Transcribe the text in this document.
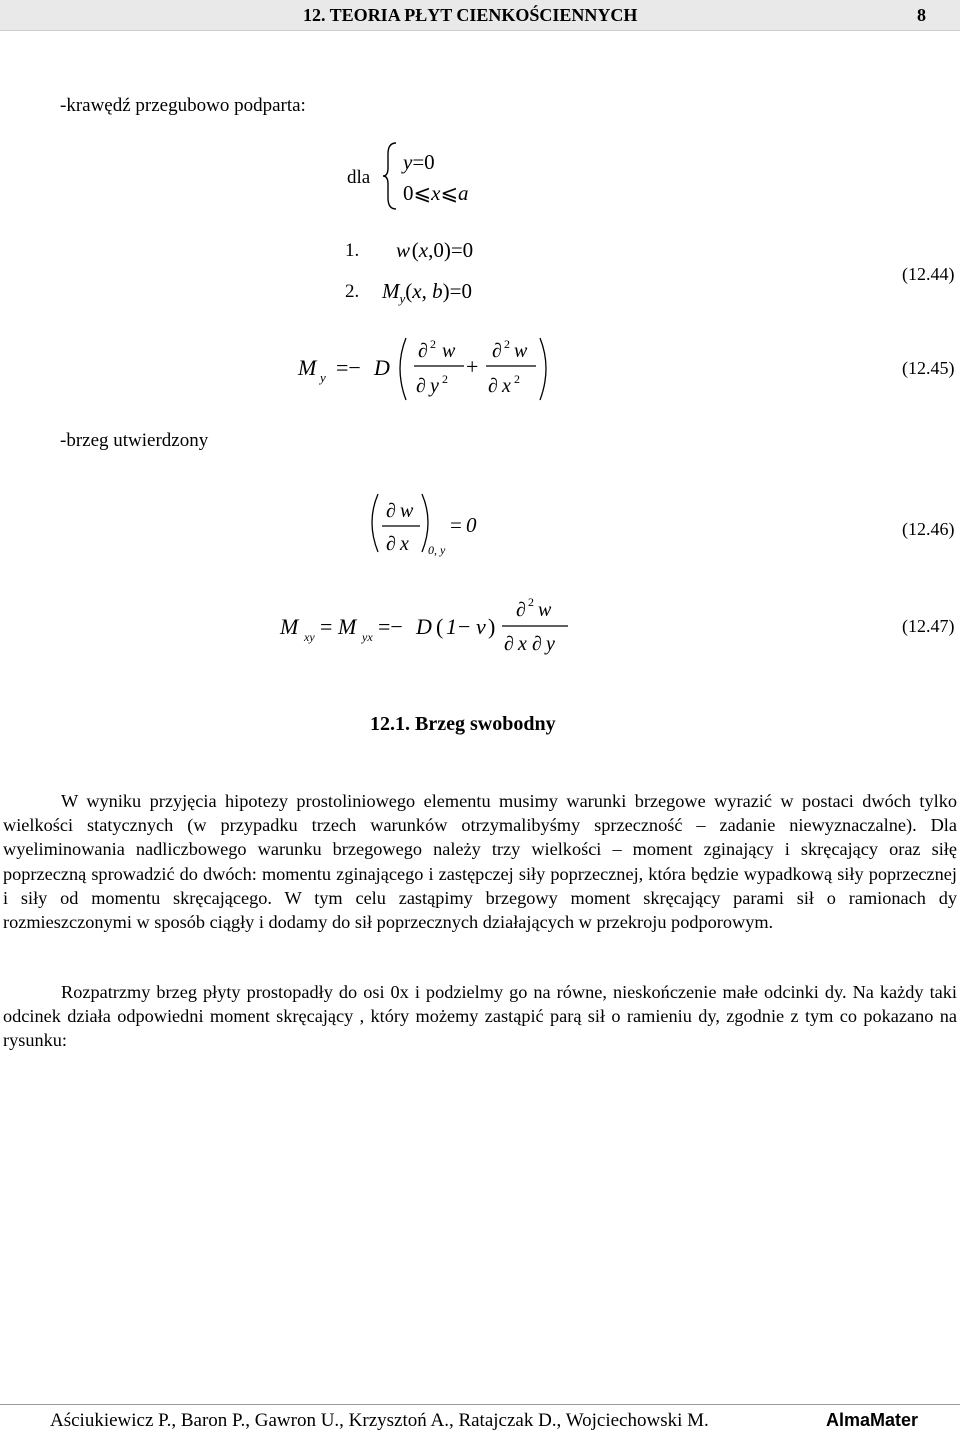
12. TEORIA PŁYT CIENKOŚCIENNYCH	8
-krawędź przegubowo podparta:
dla
y=0
0⩽x⩽a
1. w (x,0)=0
2. $M_y(x$, b)=0
(12.44)
M y =− D
∂ 2 w
∂ y 2 +
∂ 2 w
∂ x 2
(12.45)
-brzeg utwierdzony
∂ w
∂ x 0, y
= 0	(12.46)
M xy = M yx =− D ( 1 − ν )
∂ 2 w
∂ x ∂ y
(12.47)
12.1. Brzeg swobodny
W wyniku przyjęcia hipotezy prostoliniowego elementu musimy warunki brzegowe wyrazić w postaci dwóch tylko wielkości statycznych (w przypadku trzech warunków otrzymalibyśmy sprzeczność – zadanie niewyznaczalne). Dla wyeliminowania nadliczbowego warunku brzegowego należy trzy wielkości – moment zginający i skręcający oraz siłę poprzeczną sprowadzić do dwóch: momentu zginającego i zastępczej siły poprzecznej, która będzie wypadkową siły poprzecznej i siły od momentu skręcającego. W tym celu zastąpimy brzegowy moment skręcający parami sił o ramionach dy rozmieszczonymi w sposób ciągły i dodamy do sił poprzecznych działających w przekroju podporowym.
Rozpatrzmy brzeg płyty prostopadły do osi 0x i podzielmy go na równe, nieskończenie małe odcinki dy. Na każdy taki odcinek działa odpowiedni moment skręcający , który możemy zastąpić parą sił o ramieniu dy, zgodnie z tym co pokazano na rysunku:
Aściukiewicz P., Baron P., Gawron U., Krzysztoń A., Ratajczak D., Wojciechowski M.	AlmaMater
